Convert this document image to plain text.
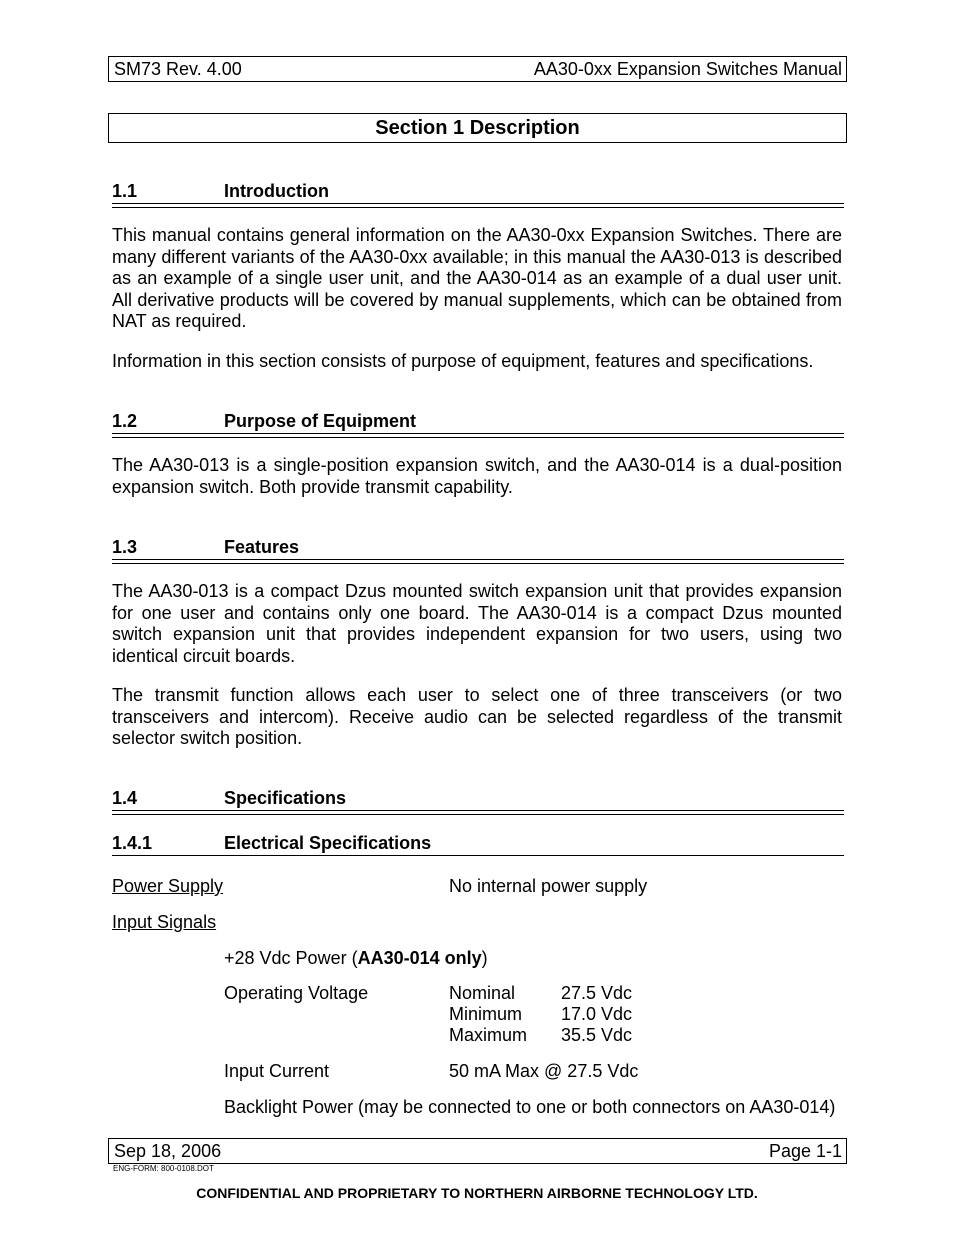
SM73 Rev. 4.00	AA30-0xx Expansion Switches Manual
Section 1 Description
1.1	Introduction

This manual contains general information on the AA30-0xx Expansion Switches. There are many different variants of the AA30-0xx available; in this manual the AA30-013 is described as an example of a single user unit, and the AA30-014 as an example of a dual user unit. All derivative products will be covered by manual supplements, which can be obtained from NAT as required.

Information in this section consists of purpose of equipment, features and specifications.

1.2	Purpose of Equipment

The AA30-013 is a single-position expansion switch, and the AA30-014 is a dual-position expansion switch. Both provide transmit capability.

1.3	Features

The AA30-013 is a compact Dzus mounted switch expansion unit that provides expansion for one user and contains only one board. The AA30-014 is a compact Dzus mounted switch expansion unit that provides independent expansion for two users, using two identical circuit boards.

The transmit function allows each user to select one of three transceivers (or two transceivers and intercom). Receive audio can be selected regardless of the transmit selector switch position.

1.4	Specifications
1.4.1	Electrical Specifications
Power Supply	No internal power supply
Input Signals
+28 Vdc Power (AA30-014 only)
Operating Voltage	Nominal	27.5 Vdc
Minimum 17.0 Vdc
Maximum 35.5 Vdc
Input Current	50 mA Max @ 27.5 Vdc
Backlight Power (may be connected to one or both connectors on AA30-014)
Sep 18, 2006	Page 1-1
ENG-FORM: 800-0108.DOT
CONFIDENTIAL AND PROPRIETARY TO NORTHERN AIRBORNE TECHNOLOGY LTD.
